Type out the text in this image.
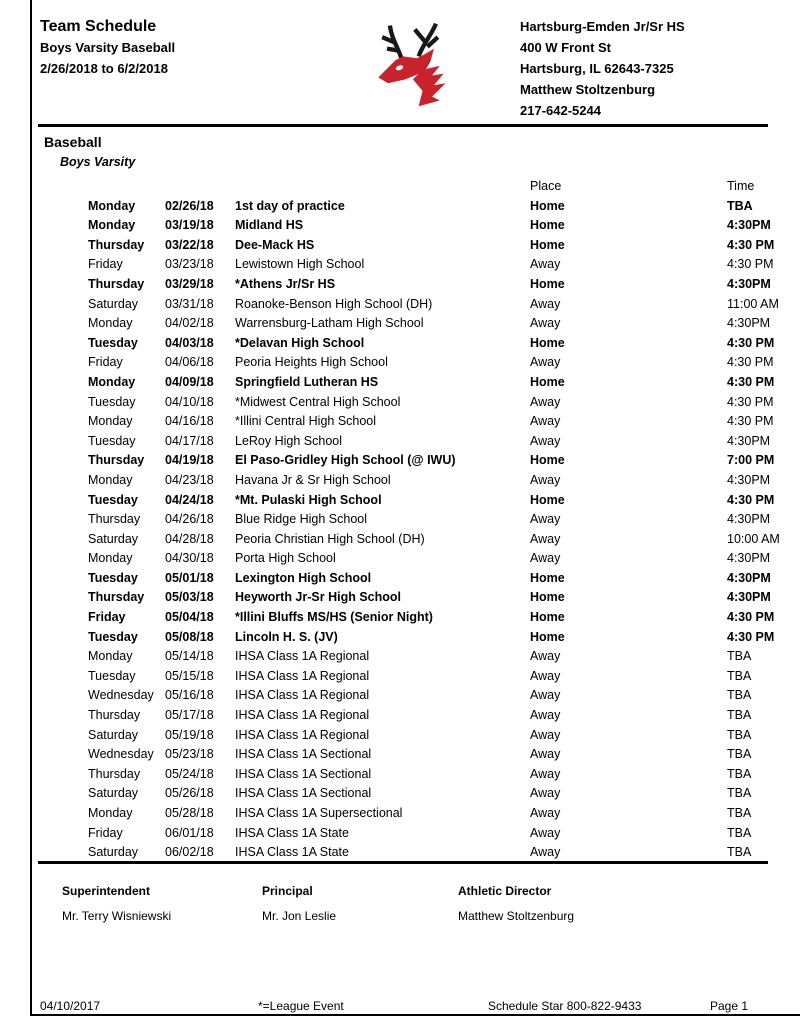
Team Schedule
Boys Varsity Baseball
2/26/2018 to 6/2/2018
Hartsburg-Emden Jr/Sr HS
400 W Front St
Hartsburg, IL 62643-7325
Matthew Stoltzenburg
217-642-5244
Baseball
Boys Varsity
Place	Time
Monday	02/26/18	1st day of practice	Home	TBA
Monday	03/19/18	Midland HS	Home	4:30PM
Thursday	03/22/18	Dee-Mack HS	Home	4:30 PM
Friday	03/23/18	Lewistown High School	Away	4:30 PM
Thursday	03/29/18	*Athens Jr/Sr HS	Home	4:30PM
Saturday	03/31/18	Roanoke-Benson High School (DH)	Away	11:00 AM
Monday	04/02/18	Warrensburg-Latham High School	Away	4:30PM
Tuesday	04/03/18	*Delavan High School	Home	4:30 PM
Friday	04/06/18	Peoria Heights High School	Away	4:30 PM
Monday	04/09/18	Springfield Lutheran HS	Home	4:30 PM
Tuesday	04/10/18	*Midwest Central High School	Away	4:30 PM
Monday	04/16/18	*Illini Central High School	Away	4:30 PM
Tuesday	04/17/18	LeRoy High School	Away	4:30PM
Thursday	04/19/18	El Paso-Gridley High School (@ IWU)	Home	7:00 PM
Monday	04/23/18	Havana Jr & Sr High School	Away	4:30PM
Tuesday	04/24/18	*Mt. Pulaski High School	Home	4:30 PM
Thursday	04/26/18	Blue Ridge High School	Away	4:30PM
Saturday	04/28/18	Peoria Christian High School (DH)	Away	10:00 AM
Monday	04/30/18	Porta High School	Away	4:30PM
Tuesday	05/01/18	Lexington High School	Home	4:30PM
Thursday	05/03/18	Heyworth Jr-Sr High School	Home	4:30PM
Friday	05/04/18	*Illini Bluffs MS/HS (Senior Night)	Home	4:30 PM
Tuesday	05/08/18	Lincoln H. S. (JV)	Home	4:30 PM
Monday	05/14/18	IHSA Class 1A Regional	Away	TBA
Tuesday	05/15/18	IHSA Class 1A Regional	Away	TBA
Wednesday 05/16/18	IHSA Class 1A Regional	Away	TBA
Thursday	05/17/18	IHSA Class 1A Regional	Away	TBA
Saturday	05/19/18	IHSA Class 1A Regional	Away	TBA
Wednesday 05/23/18	IHSA Class 1A Sectional	Away	TBA
Thursday	05/24/18	IHSA Class 1A Sectional	Away	TBA
Saturday	05/26/18	IHSA Class 1A Sectional	Away	TBA
Monday	05/28/18	IHSA Class 1A Supersectional	Away	TBA
Friday	06/01/18	IHSA Class 1A State	Away	TBA
Saturday	06/02/18	IHSA Class 1A State	Away	TBA
Superintendent
Mr. Terry Wisniewski
Principal
Mr. Jon Leslie
Athletic Director
Matthew Stoltzenburg
04/10/2017	*=League Event	Schedule Star 800-822-9433	Page 1
